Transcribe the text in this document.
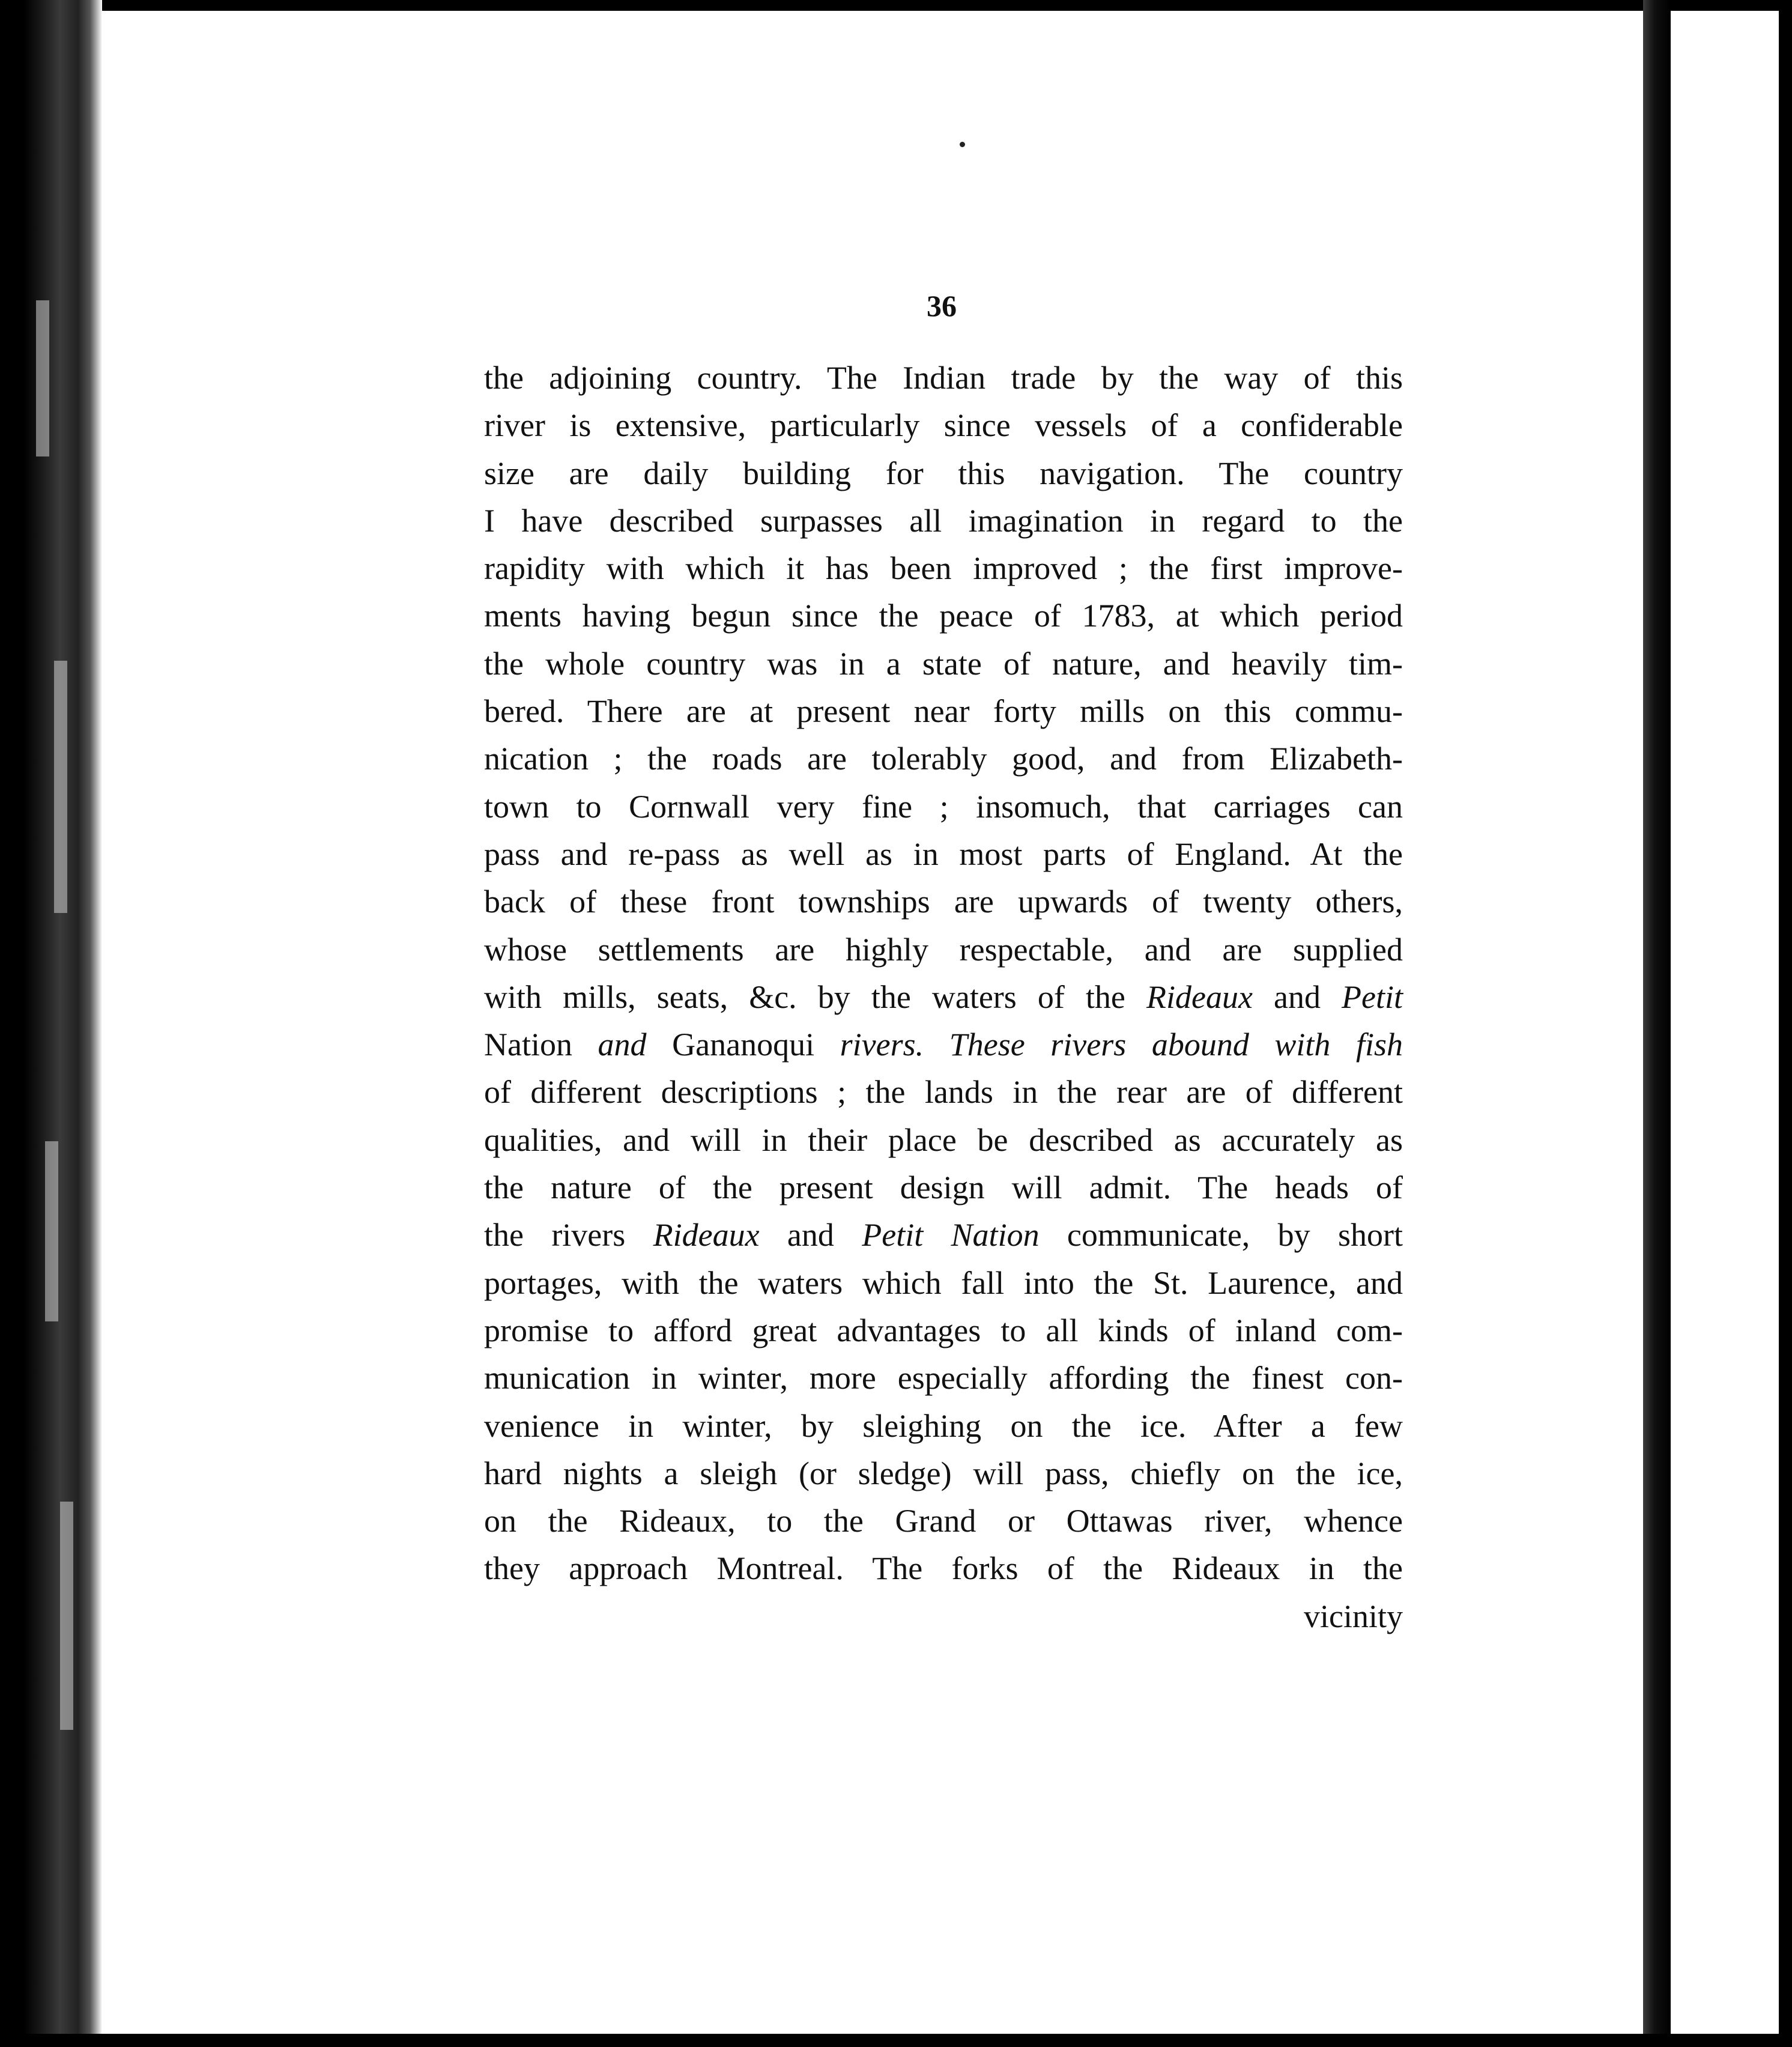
36
the adjoining country. The Indian trade by the way of this
river is extensive, particularly since vessels of a confiderable
size are daily building for this navigation. The country
I have described surpasses all imagination in regard to the
rapidity with which it has been improved ; the first improve-
ments having begun since the peace of 1783, at which period
the whole country was in a state of nature, and heavily tim-
bered. There are at present near forty mills on this commu-
nication ; the roads are tolerably good, and from Elizabeth-
town to Cornwall very fine ; insomuch, that carriages can
pass and re-pass as well as in most parts of England. At the
back of these front townships are upwards of twenty others,
whose settlements are highly respectable, and are supplied
with mills, seats, &c. by the waters of the Rideaux and Petit
Nation and Gananoqui rivers. These rivers abound with fish
of different descriptions ; the lands in the rear are of different
qualities, and will in their place be described as accurately as
the nature of the present design will admit. The heads of
the rivers Rideaux and Petit Nation communicate, by short
portages, with the waters which fall into the St. Laurence, and
promise to afford great advantages to all kinds of inland com-
munication in winter, more especially affording the finest con-
venience in winter, by sleighing on the ice. After a few
hard nights a sleigh (or sledge) will pass, chiefly on the ice,
on the Rideaux, to the Grand or Ottawas river, whence
they approach Montreal. The forks of the Rideaux in the
vicinity
